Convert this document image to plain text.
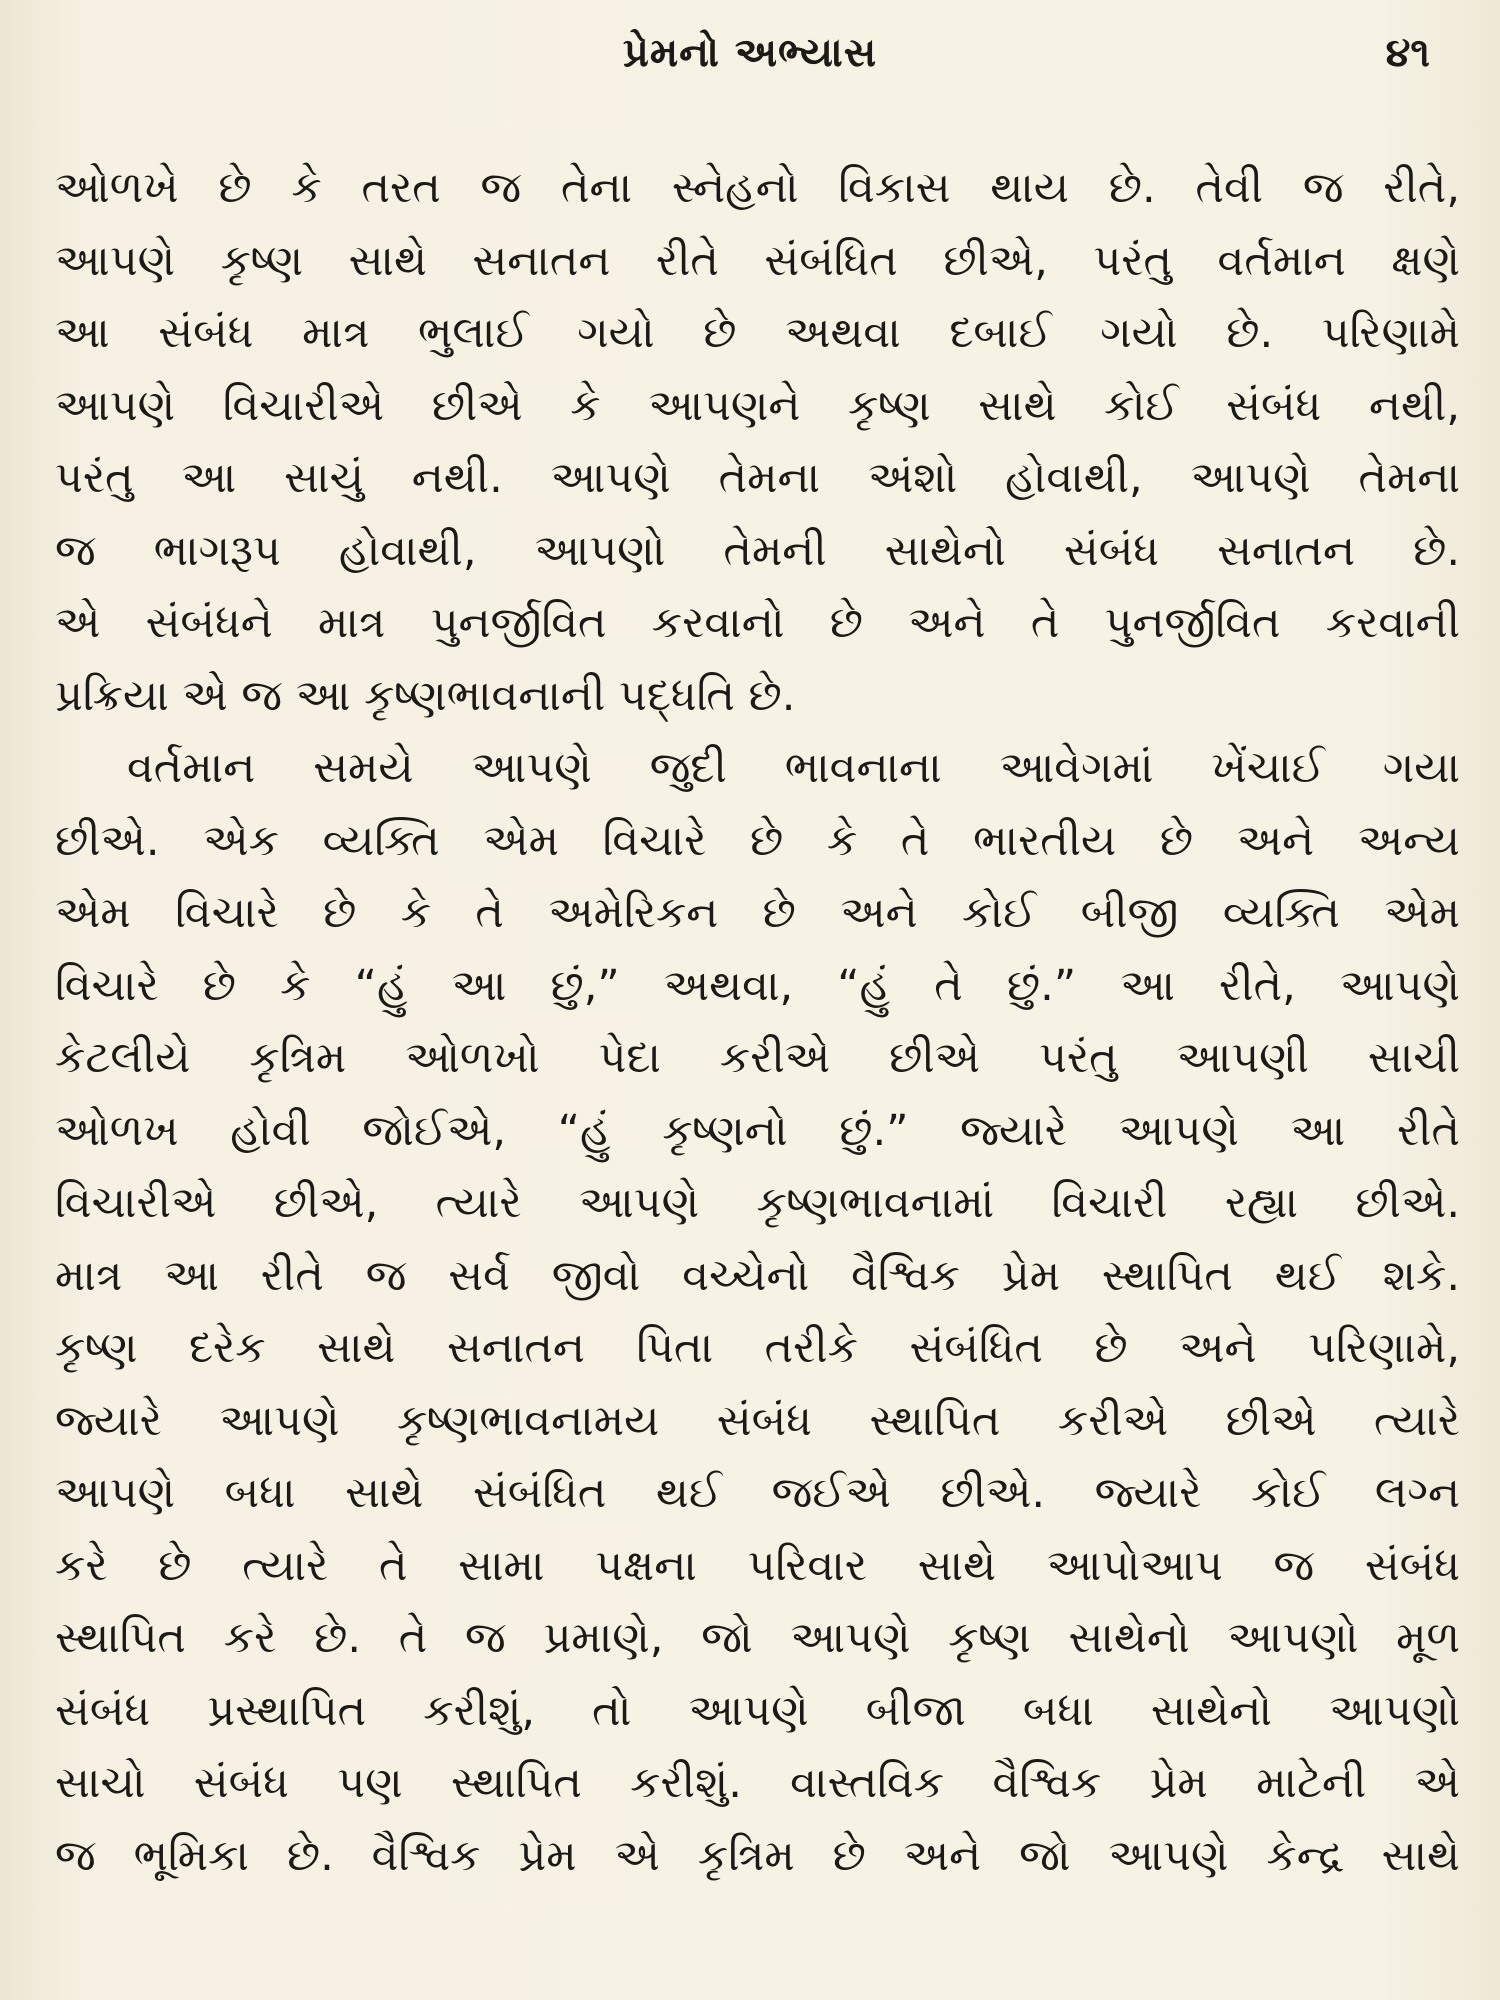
પ્રેમનો અભ્યાસ	૪૧
ઓળખે છે કે તરત જ તેના સ્નેહનો વિકાસ થાય છે. તેવી જ રીતે,
આપણે કૃષ્ણ સાથે સનાતન રીતે સંબંધિત છીએ, પરંતુ વર્તમાન ક્ષણે
આ સંબંધ માત્ર ભુલાઈ ગયો છે અથવા દબાઈ ગયો છે. પરિણામે
આપણે વિચારીએ છીએ કે આપણને કૃષ્ણ સાથે કોઈ સંબંધ નથી,
પરંતુ આ સાચું નથી. આપણે તેમના અંશો હોવાથી, આપણે તેમના
જ ભાગરૂપ હોવાથી, આપણો તેમની સાથેનો સંબંધ સનાતન છે.
એ સંબંધને માત્ર પુનર્જીવિત કરવાનો છે અને તે પુનર્જીવિત કરવાની
પ્રક્રિયા એ જ આ કૃષ્ણભાવનાની પદ્ધતિ છે.
વર્તમાન સમયે આપણે જુદી ભાવનાના આવેગમાં ખેંચાઈ ગયા
છીએ. એક વ્યક્તિ એમ વિચારે છે કે તે ભારતીય છે અને અન્ય
એમ વિચારે છે કે તે અમેરિકન છે અને કોઈ બીજી વ્યક્તિ એમ
વિચારે છે કે “હું આ છું,” અથવા, “હું તે છું.” આ રીતે, આપણે
કેટલીયે કૃત્રિમ ઓળખો પેદા કરીએ છીએ પરંતુ આપણી સાચી
ઓળખ હોવી જોઈએ, “હું કૃષ્ણનો છું.” જ્યારે આપણે આ રીતે
વિચારીએ છીએ, ત્યારે આપણે કૃષ્ણભાવનામાં વિચારી રહ્યા છીએ.
માત્ર આ રીતે જ સર્વ જીવો વચ્ચેનો વૈશ્વિક પ્રેમ સ્થાપિત થઈ શકે.
કૃષ્ણ દરેક સાથે સનાતન પિતા તરીકે સંબંધિત છે અને પરિણામે,
જ્યારે આપણે કૃષ્ણભાવનામય સંબંધ સ્થાપિત કરીએ છીએ ત્યારે
આપણે બધા સાથે સંબંધિત થઈ જઈએ છીએ. જ્યારે કોઈ લગ્ન
કરે છે ત્યારે તે સામા પક્ષના પરિવાર સાથે આપોઆપ જ સંબંધ
સ્થાપિત કરે છે. તે જ પ્રમાણે, જો આપણે કૃષ્ણ સાથેનો આપણો મૂળ
સંબંધ પ્રસ્થાપિત કરીશું, તો આપણે બીજા બધા સાથેનો આપણો
સાચો સંબંધ પણ સ્થાપિત કરીશું. વાસ્તવિક વૈશ્વિક પ્રેમ માટેની એ
જ ભૂમિકા છે. વૈશ્વિક પ્રેમ એ કૃત્રિમ છે અને જો આપણે કેન્દ્ર સાથે
